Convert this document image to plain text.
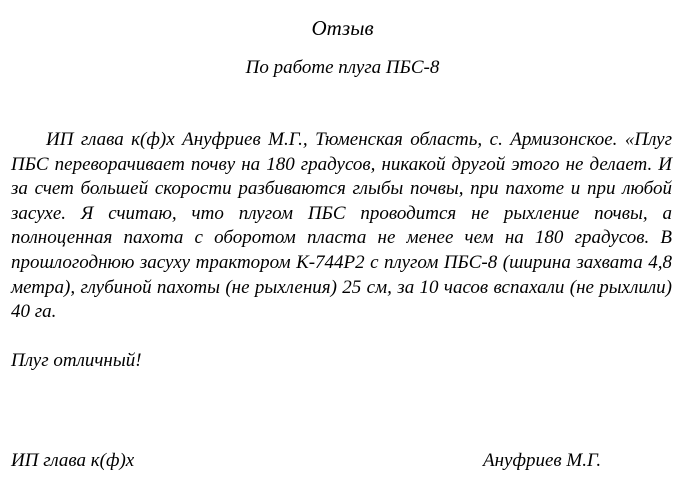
Отзыв
По работе плуга ПБС-8

ИП глава к(ф)х Ануфриев М.Г., Тюменская область, с. Армизонское. «Плуг ПБС переворачивает почву на 180 градусов, никакой другой этого не делает. И за счет большей скорости разбиваются глыбы почвы, при пахоте и при любой засухе. Я считаю, что плугом ПБС проводится не рыхление почвы, а полноценная пахота с оборотом пласта не менее чем на 180 градусов. В прошлогоднюю засуху трактором К-744Р2 с плугом ПБС-8 (ширина захвата 4,8 метра), глубиной пахоты (не рыхления) 25 см, за 10 часов вспахали (не рыхлили) 40 га.

Плуг отличный!
ИП глава к(ф)х	Ануфриев М.Г.
